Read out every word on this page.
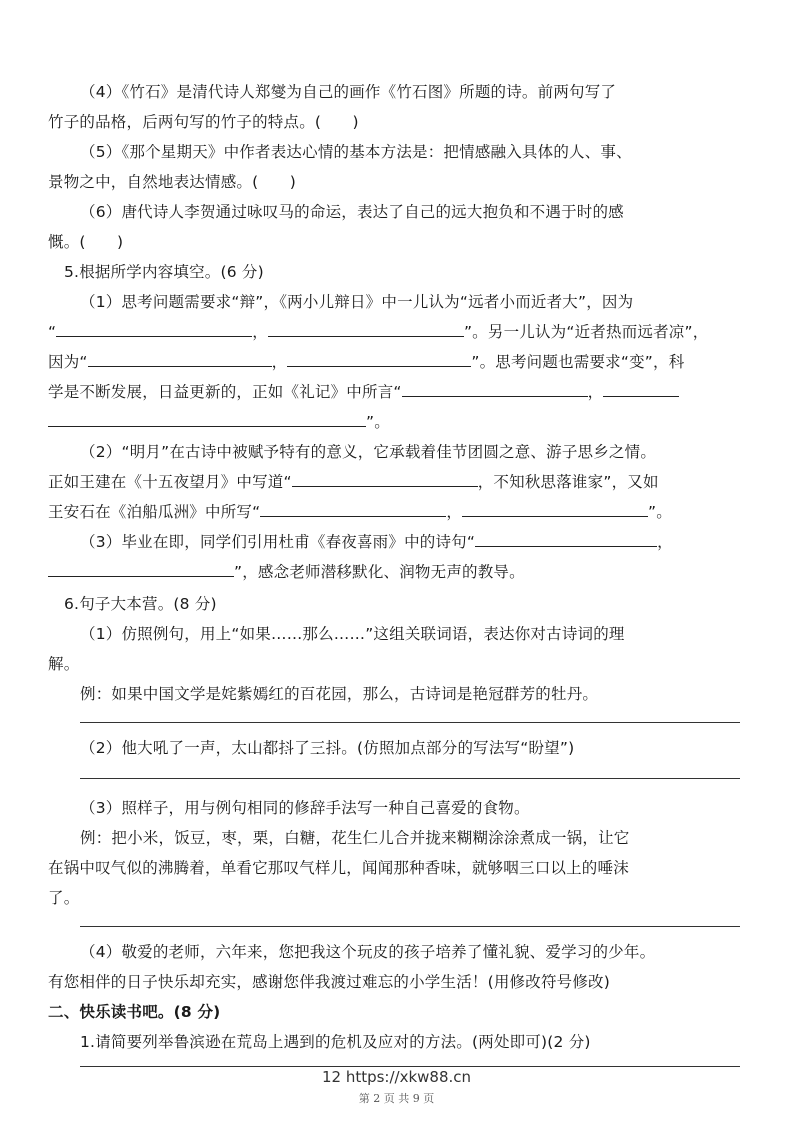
（4）《竹石》是清代诗人郑燮为自己的画作《竹石图》所题的诗。前两句写了
竹子的品格，后两句写的竹子的特点。(　　)
（5）《那个星期天》中作者表达心情的基本方法是：把情感融入具体的人、事、
景物之中，自然地表达情感。(　　)
（6）唐代诗人李贺通过咏叹马的命运，表达了自己的远大抱负和不遇于时的感
慨。(　　)
5.根据所学内容填空。(6 分)
（1）思考问题需要求“辩”，《两小儿辩日》中一儿认为“远者小而近者大”，因为
“	，	”。另一儿认为“近者热而远者凉”，
因为“	，	”。思考问题也需要求“变”，科
学是不断发展，日益更新的，正如《礼记》中所言“	，
”。
（2）“明月”在古诗中被赋予特有的意义，它承载着佳节团圆之意、游子思乡之情。
正如王建在《十五夜望月》中写道“	，不知秋思落谁家”，又如
王安石在《泊船瓜洲》中所写“	，	”。
（3）毕业在即，同学们引用杜甫《春夜喜雨》中的诗句“	，
”，感念老师潜移默化、润物无声的教导。
6.句子大本营。(8 分)
（1）仿照例句，用上“如果……那么……”这组关联词语，表达你对古诗词的理
解。
例：如果中国文学是姹紫嫣红的百花园，那么，古诗词是艳冠群芳的牡丹。
（2）他大吼了一声，大山都抖了三抖。(仿照加点部分的写法写“盼望”)
（3）照样子，用与例句相同的修辞手法写一种自己喜爱的食物。
例：把小米，饭豆，枣，栗，白糖，花生仁儿合并拢来糊糊涂涂煮成一锅，让它
在锅中叹气似的沸腾着，单看它那叹气样儿，闻闻那种香味，就够咽三口以上的唾沫
了。
（4）敬爱的老师，六年来，您把我这个玩皮的孩子培养了懂礼貌、爱学习的少年。
有您相伴的日子快乐却充实，感谢您伴我渡过难忘的小学生活！(用修改符号修改)
二、快乐读书吧。(8 分)
1.请简要列举鲁滨逊在荒岛上遇到的危机及应对的方法。(两处即可)(2 分)
12 https://xkw88.cn
第 2 页 共 9 页
